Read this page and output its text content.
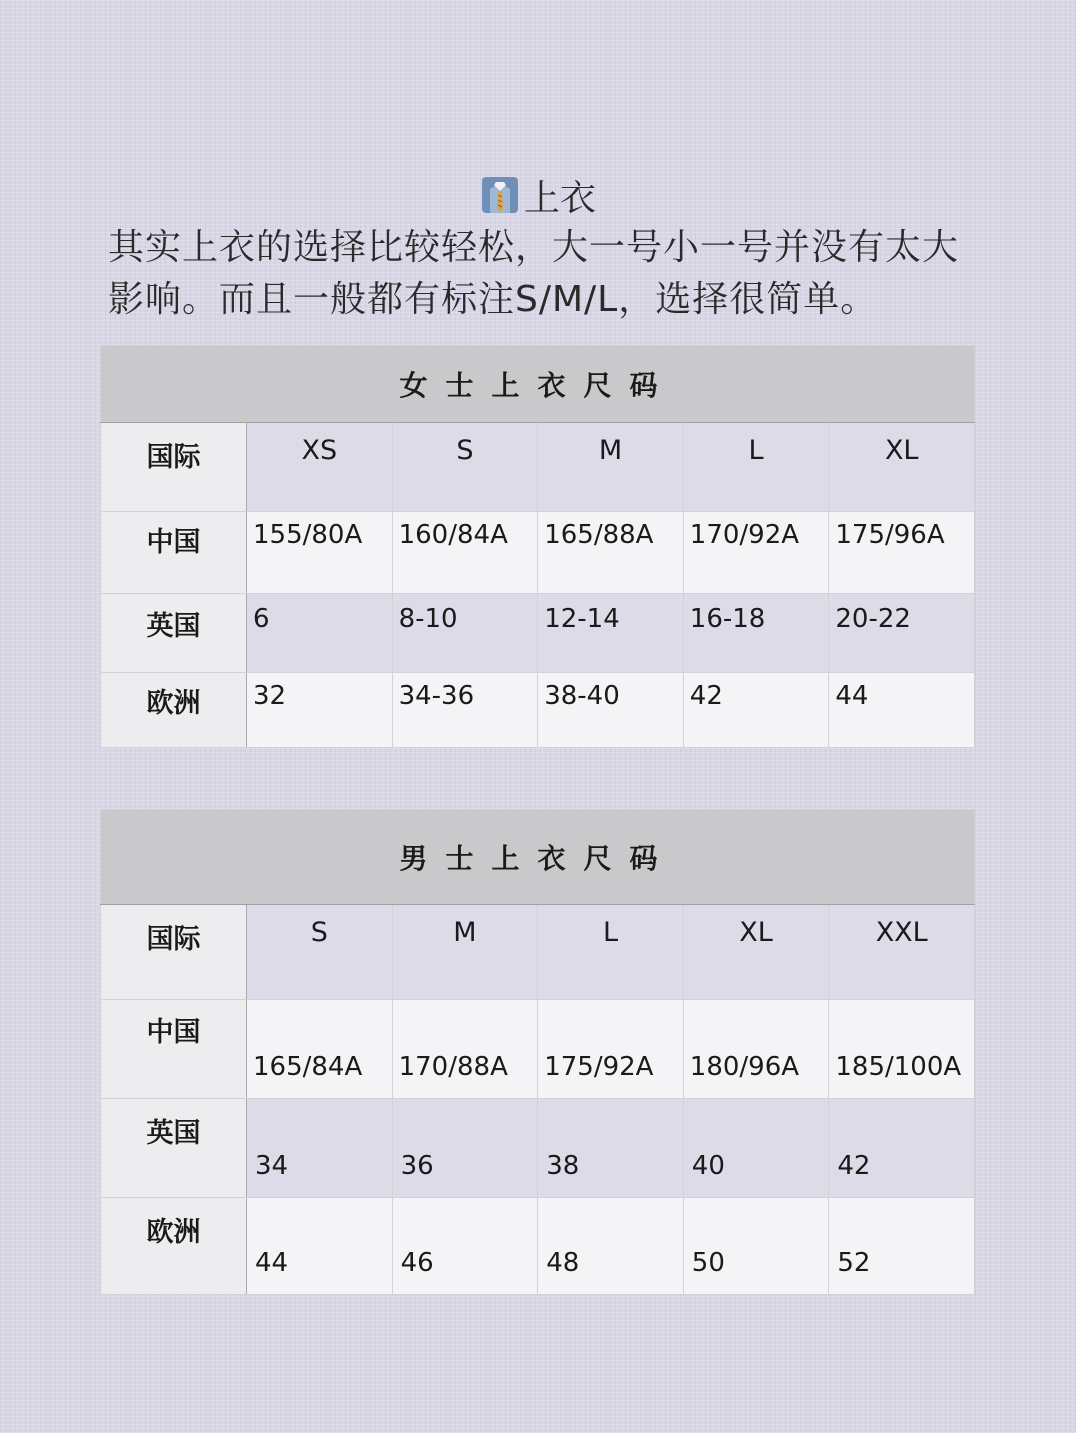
上衣

其实上衣的选择比较轻松，大一号小一号并没有太大

影响。而且一般都有标注S/M/L，选择很简单。

女士上衣尺码					
国际	XS	S	M	L	XL
中国	155/80A	160/84A	165/88A	170/92A	175/96A
英国	6	8-10	12-14	16-18	20-22
欧洲	32	34-36	38-40	42	44
男士上衣尺码					
国际	S	M	L	XL	XXL
中国	165/84A	170/88A	175/92A	180/96A	185/100A
英国	34	36	38	40	42
欧洲	44	46	48	50	52
